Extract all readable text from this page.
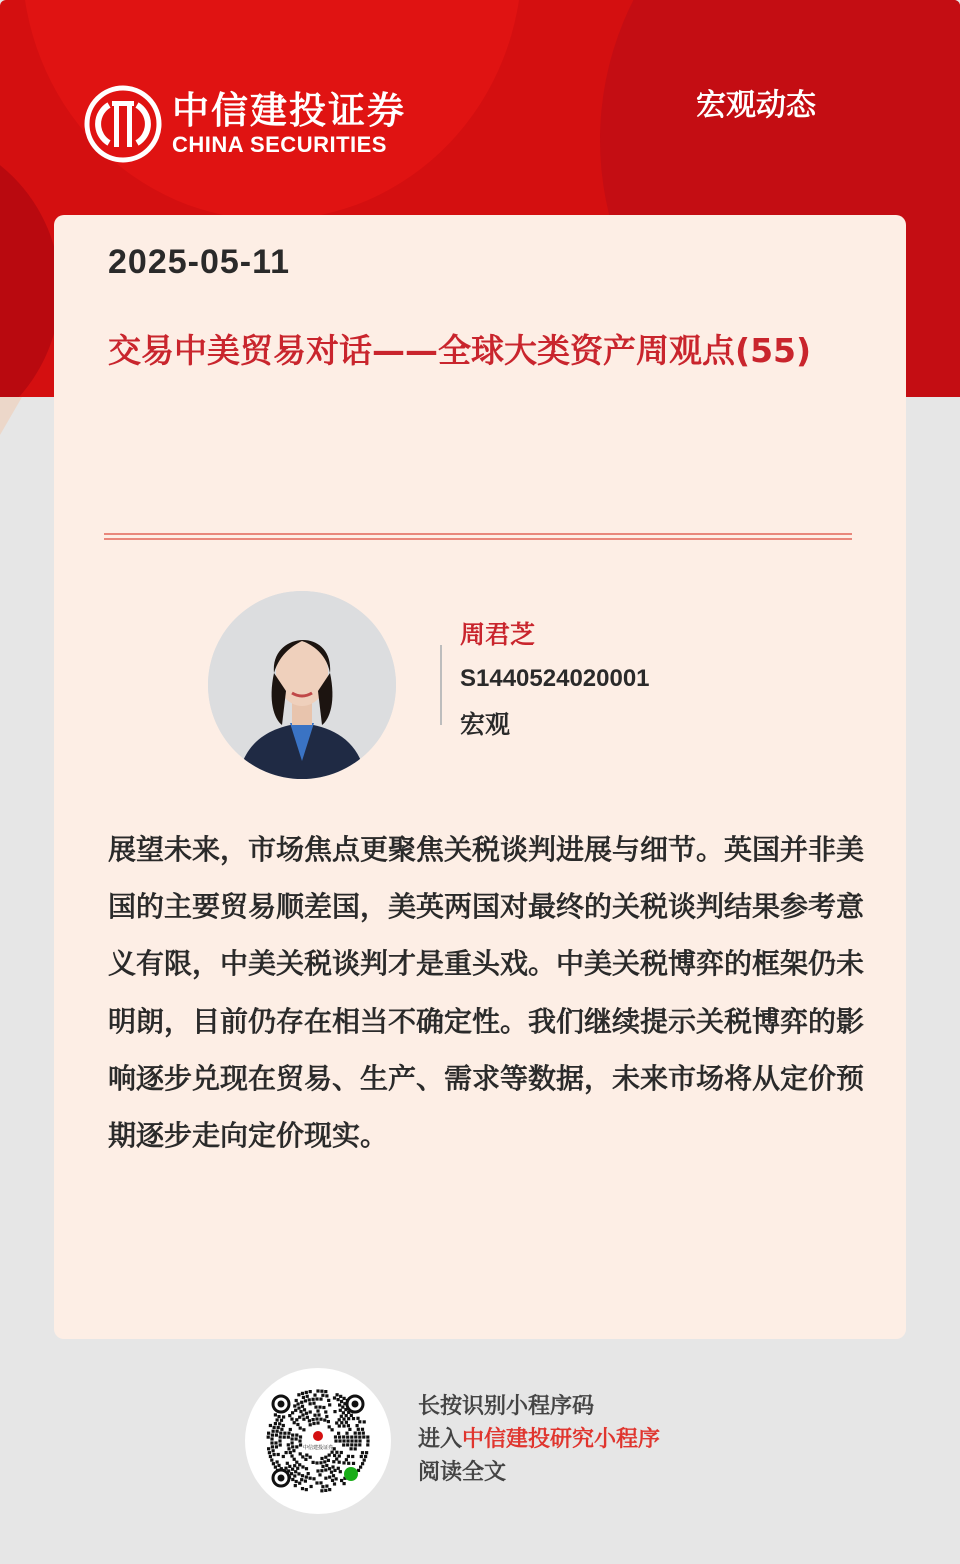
中信建投证券
CHINA SECURITIES
宏观动态
2025-05-11
交易中美贸易对话——全球大类资产周观点(55)
周君芝
S1440524020001
宏观
展望未来，市场焦点更聚焦关税谈判进展与细节。英国并非美国的主要贸易顺差国，美英两国对最终的关税谈判结果参考意义有限，中美关税谈判才是重头戏。中美关税博弈的框架仍未明朗，目前仍存在相当不确定性。我们继续提示关税博弈的影响逐步兑现在贸易、生产、需求等数据，未来市场将从定价预期逐步走向定价现实。
中信建投证券
长按识别小程序码
进入中信建投研究小程序
阅读全文
